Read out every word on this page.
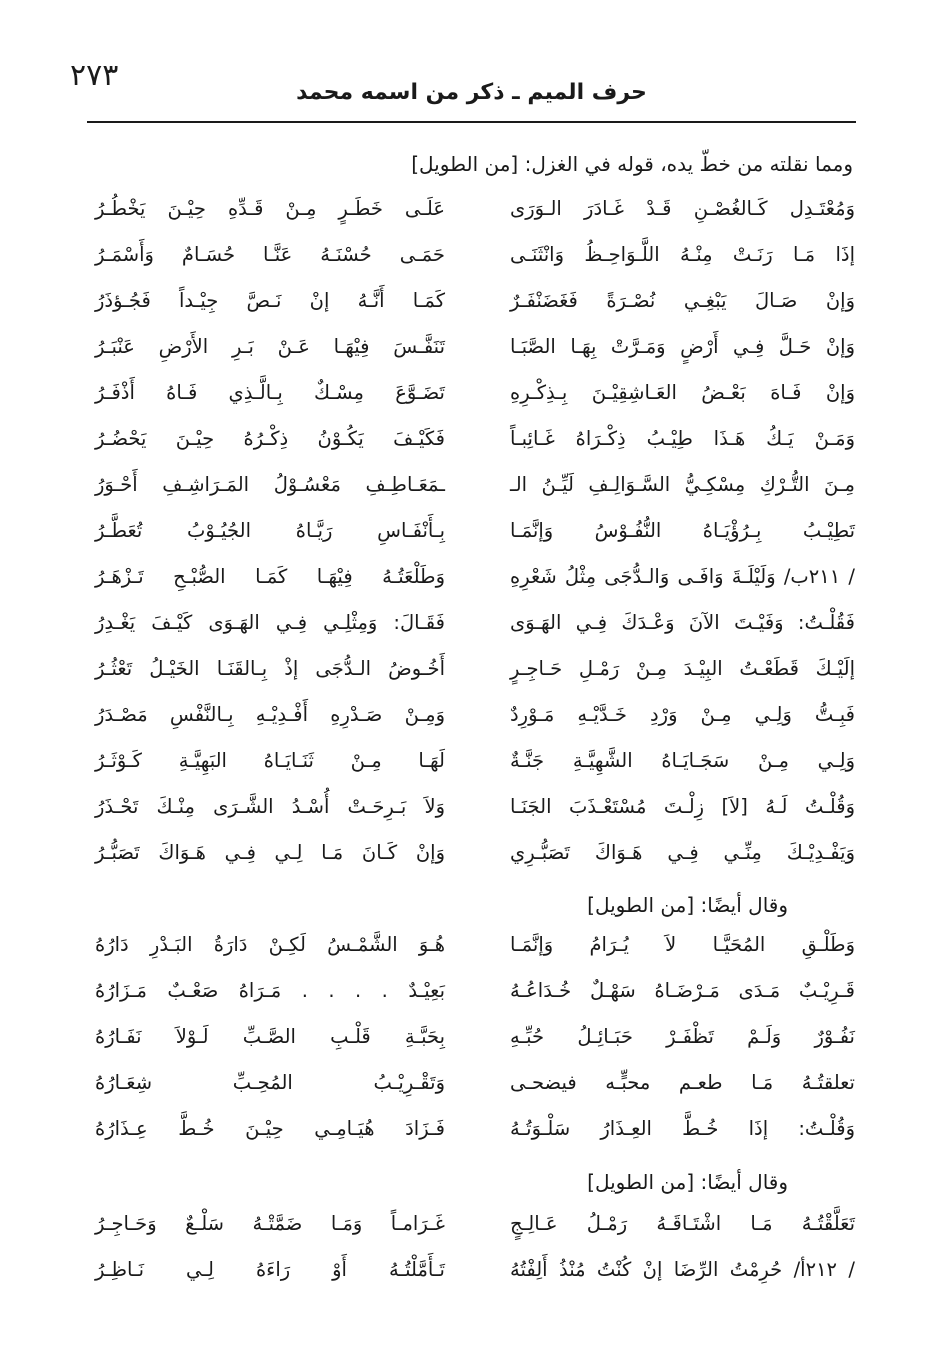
٢٧٣	حرف الميم ـ ذكر من اسمه محمد
ومما نقلته من خطّ يده، قوله في الغزل: [من الطويل]
وَمُعْتَـدِل كَـالغُصْـنِ قَـدْ غَـادَرَ الـوَرَى
عَلَـى خَطَـرٍ مِـنْ قَـدِّهِ حِيْـنَ يَخْطُـرُ
إذَا مَـا رَنَـتْ مِنْـهُ اللَّـوَاحِـظُ وَانْثَنَـى
حَمَـى حُسْنَـهُ عَنَّـا حُسَـامٌ وَأَسْمَـرُ
وَإنْ صَـالَ يَبْغِـي نُصْـرَةً فَغَضَنْفَـرٌ
كَمَـا أَنَّـهُ إنْ نَـصَّ جِيْـداً فَجُـؤذَرُ
وَإنْ حَـلَّ فِـي أَرْضٍ وَمَـرَّتْ بِهَـا الصَّبَـا
تَنَفَّـسَ فِيْهَـا عَـنْ بَـرِ الأَرْضِ عَنْبَـرُ
وَإنْ فَـاهَ بَعْـضُ العَـاشِقِيْـنَ بِـذِكْـرِهِ
تَضَـوَّعَ مِسْـكٌ بِـالَّـذِي فَـاهُ أَذْفَـرُ
وَمَـنْ يَـكُ هَـذَا طِيْـبُ ذِكْـرَاهُ غَـائِبـاً
فَكَيْـفَ يَكُـوْنُ ذِكْـرُهُ حِيْـنَ يَحْضُـرُ
مِـنَ التُّـرْكِ مِسْكِـيُّ السَّـوَالِـفِ لَيِّـنُ الـ
ـمَعَـاطِـفِ مَعْسُـوْلُ المَـرَاشِـفِ أَحْـوَرُ
تَطِيْـبُ بِـرُؤْيَـاهُ النُّفُـوْسُ وَإنَّمَـا
بِـأَنْفَـاسِ رَيَّـاهُ الجُيُـوْبُ تُعَطَّـرُ
/ ٢١١ب/ وَلَيْلَـةَ وَافَـى وَالـدُّجَى مِثْلُ شَعْرِهِ
وَطَلْعَتُـهُ فِيْهَـا كَمَـا الصُّبْـحِ تَـزْهَـرُ
فَقُلْـتُ: وَفَيْـتَ الآنَ وَعْـدَكَ فِـي الهَـوَى
فَقَـالَ: وَمِثْلِـي فِـي الهَـوَى كَيْـفَ يَغْـدِرُ
إلَيْـكَ قَطَعْـتُ البِيْـدَ مِـنْ رَمْـلِ حَـاجِـرٍ
أَخُـوضُ الـدُّجَى إذْ بِـالقَنَـا الخَيْـلُ تَعْثُـرُ
فَبِـتُّ وَلِـي مِـنْ وَرْدِ خَـدَّيْـهِ مَـوْرِدٌ
وَمِـنْ صَـدْرِهِ أَفْـدِيْـهِ بِـالنَّفْسِ مَصْـدَرُ
وَلِـي مِـنْ سَجَـايَـاهُ الشَّهِيَّـةِ جَنَّـةٌ
لَهَـا مِـنْ ثَنَـايَـاهُ البَهِيَّـةِ كَـوْثَـرُ
وَقُلْـتُ لَـهُ [لاَ] زِلْـتَ مُسْتَعْـذَبَ الجَنَـا
وَلاَ بَـرِحَـتْ أُسْـدُ الشَّـرَى مِنْـكَ تَحْـذَرُ
وَيَفْـدِيْـكَ مِنِّـي فِـي هَـوَاكَ تَصَبُّـرِي
وَإنْ كَـانَ مَـا لِـي فِـي هَـوَاكَ تَصَبُّـرُ
وقال أيضًا: [من الطويل]
وَطَلْـقِ المُحَيَّـا لاَ يُـرَامُ وَإنَّمَـا
هُـوَ الشَّمْـسُ لَكِـنْ دَارَةُ البَـدْرِ دَارُهُ
قَـرِيْـبٌ مَـدَى مَـرْضَـاهُ سَهْـلٌ خُـدَاعُـهُ
بَعِيْـدٌ . . . . مَـرَاهُ صَعْـبٌ مَـزَارُهُ
نَفُـوْرٌ وَلَـمْ تَظْفَـرْ حَبَـائِـلُ حُبِّـهِ
بِحَبَّـةِ قَلْـبِ الصَّـبِّ لَـوْلاَ نَفَـارُهُ
تعلقتُـهُ مَـا طعـم محبٍّـه فيضحـى
وَتَقْـرِيْـبُ المُحِـبِّ شِعَـارُهُ
وَقُلْـتُ: إذَا خُـطَّ العِـذَارُ سَلْـوَتُـهُ
فَـزَادَ هُيَـامِـي حِيْـنَ خُـطَّ عِـذَارُهُ
وقال أيضًا: [من الطويل]
تَعَلَّقْتُـهُ مَـا اشْتَـاقَـهُ رَمْـلُ عَـالِـجٍ
غَـرَامـاً وَمَـا ضَمَّتْـهُ سَلْـعٌ وَحَـاجِـرُ
/ ٢١٢أ/ حُرِمْتُ الرِّضَا إنْ كُنْتُ مُنْذُ أَلِفْتُهُ
تَـأَمَّلْتُـهُ أَوْ رَاءَهُ لِـي نَـاظِـرُ
